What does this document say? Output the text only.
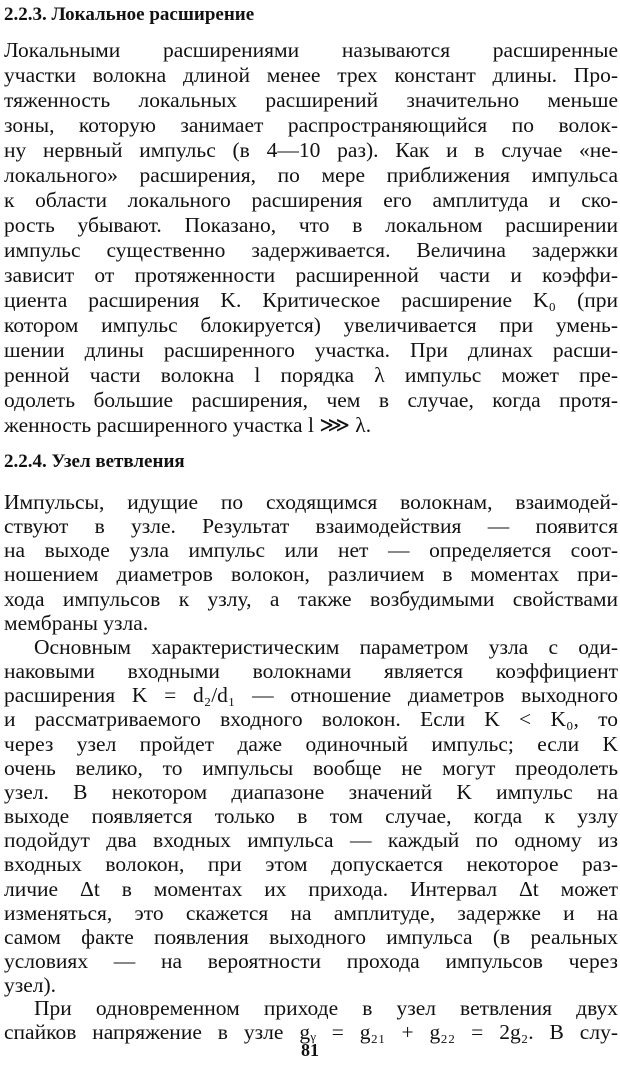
2.2.3. Локальное расширение

Локальными расширениями называются расширенные

участки волокна длиной менее трех констант длины. Про-

тяженность локальных расширений значительно меньше

зоны, которую занимает распространяющийся по волок-

ну нервный импульс (в 4—10 раз). Как и в случае «не-

локального» расширения, по мере приближения импульса

к области локального расширения его амплитуда и ско-

рость убывают. Показано, что в локальном расширении

импульс существенно задерживается. Величина задержки

зависит от протяженности расширенной части и коэффи-

циента расширения K. Критическое расширение K₀ (при

котором импульс блокируется) увеличивается при умень-

шении длины расширенного участка. При длинах расши-

ренной части волокна l порядка λ импульс может пре-

одолеть большие расширения, чем в случае, когда протя-

женность расширенного участка l ⋙ λ.

2.2.4. Узел ветвления

Импульсы, идущие по сходящимся волокнам, взаимодей-

ствуют в узле. Результат взаимодействия — появится

на выходе узла импульс или нет — определяется соот-

ношением диаметров волокон, различием в моментах при-

хода импульсов к узлу, а также возбудимыми свойствами

мембраны узла.

Основным характеристическим параметром узла с оди-

наковыми входными волокнами является коэффициент

расширения K = d₂/d₁ — отношение диаметров выходного

и рассматриваемого входного волокон. Если K < K₀, то

через узел пройдет даже одиночный импульс; если K

очень велико, то импульсы вообще не могут преодолеть

узел. В некотором диапазоне значений K импульс на

выходе появляется только в том случае, когда к узлу

подойдут два входных импульса — каждый по одному из

входных волокон, при этом допускается некоторое раз-

личие Δt в моментах их прихода. Интервал Δt может

изменяться, это скажется на амплитуде, задержке и на

самом факте появления выходного импульса (в реальных

условиях — на вероятности прохода импульсов через

узел).

При одновременном приходе в узел ветвления двух

спайков напряжение в узле gᵧ = g₂₁ + g₂₂ = 2g₂. В слу-

81
